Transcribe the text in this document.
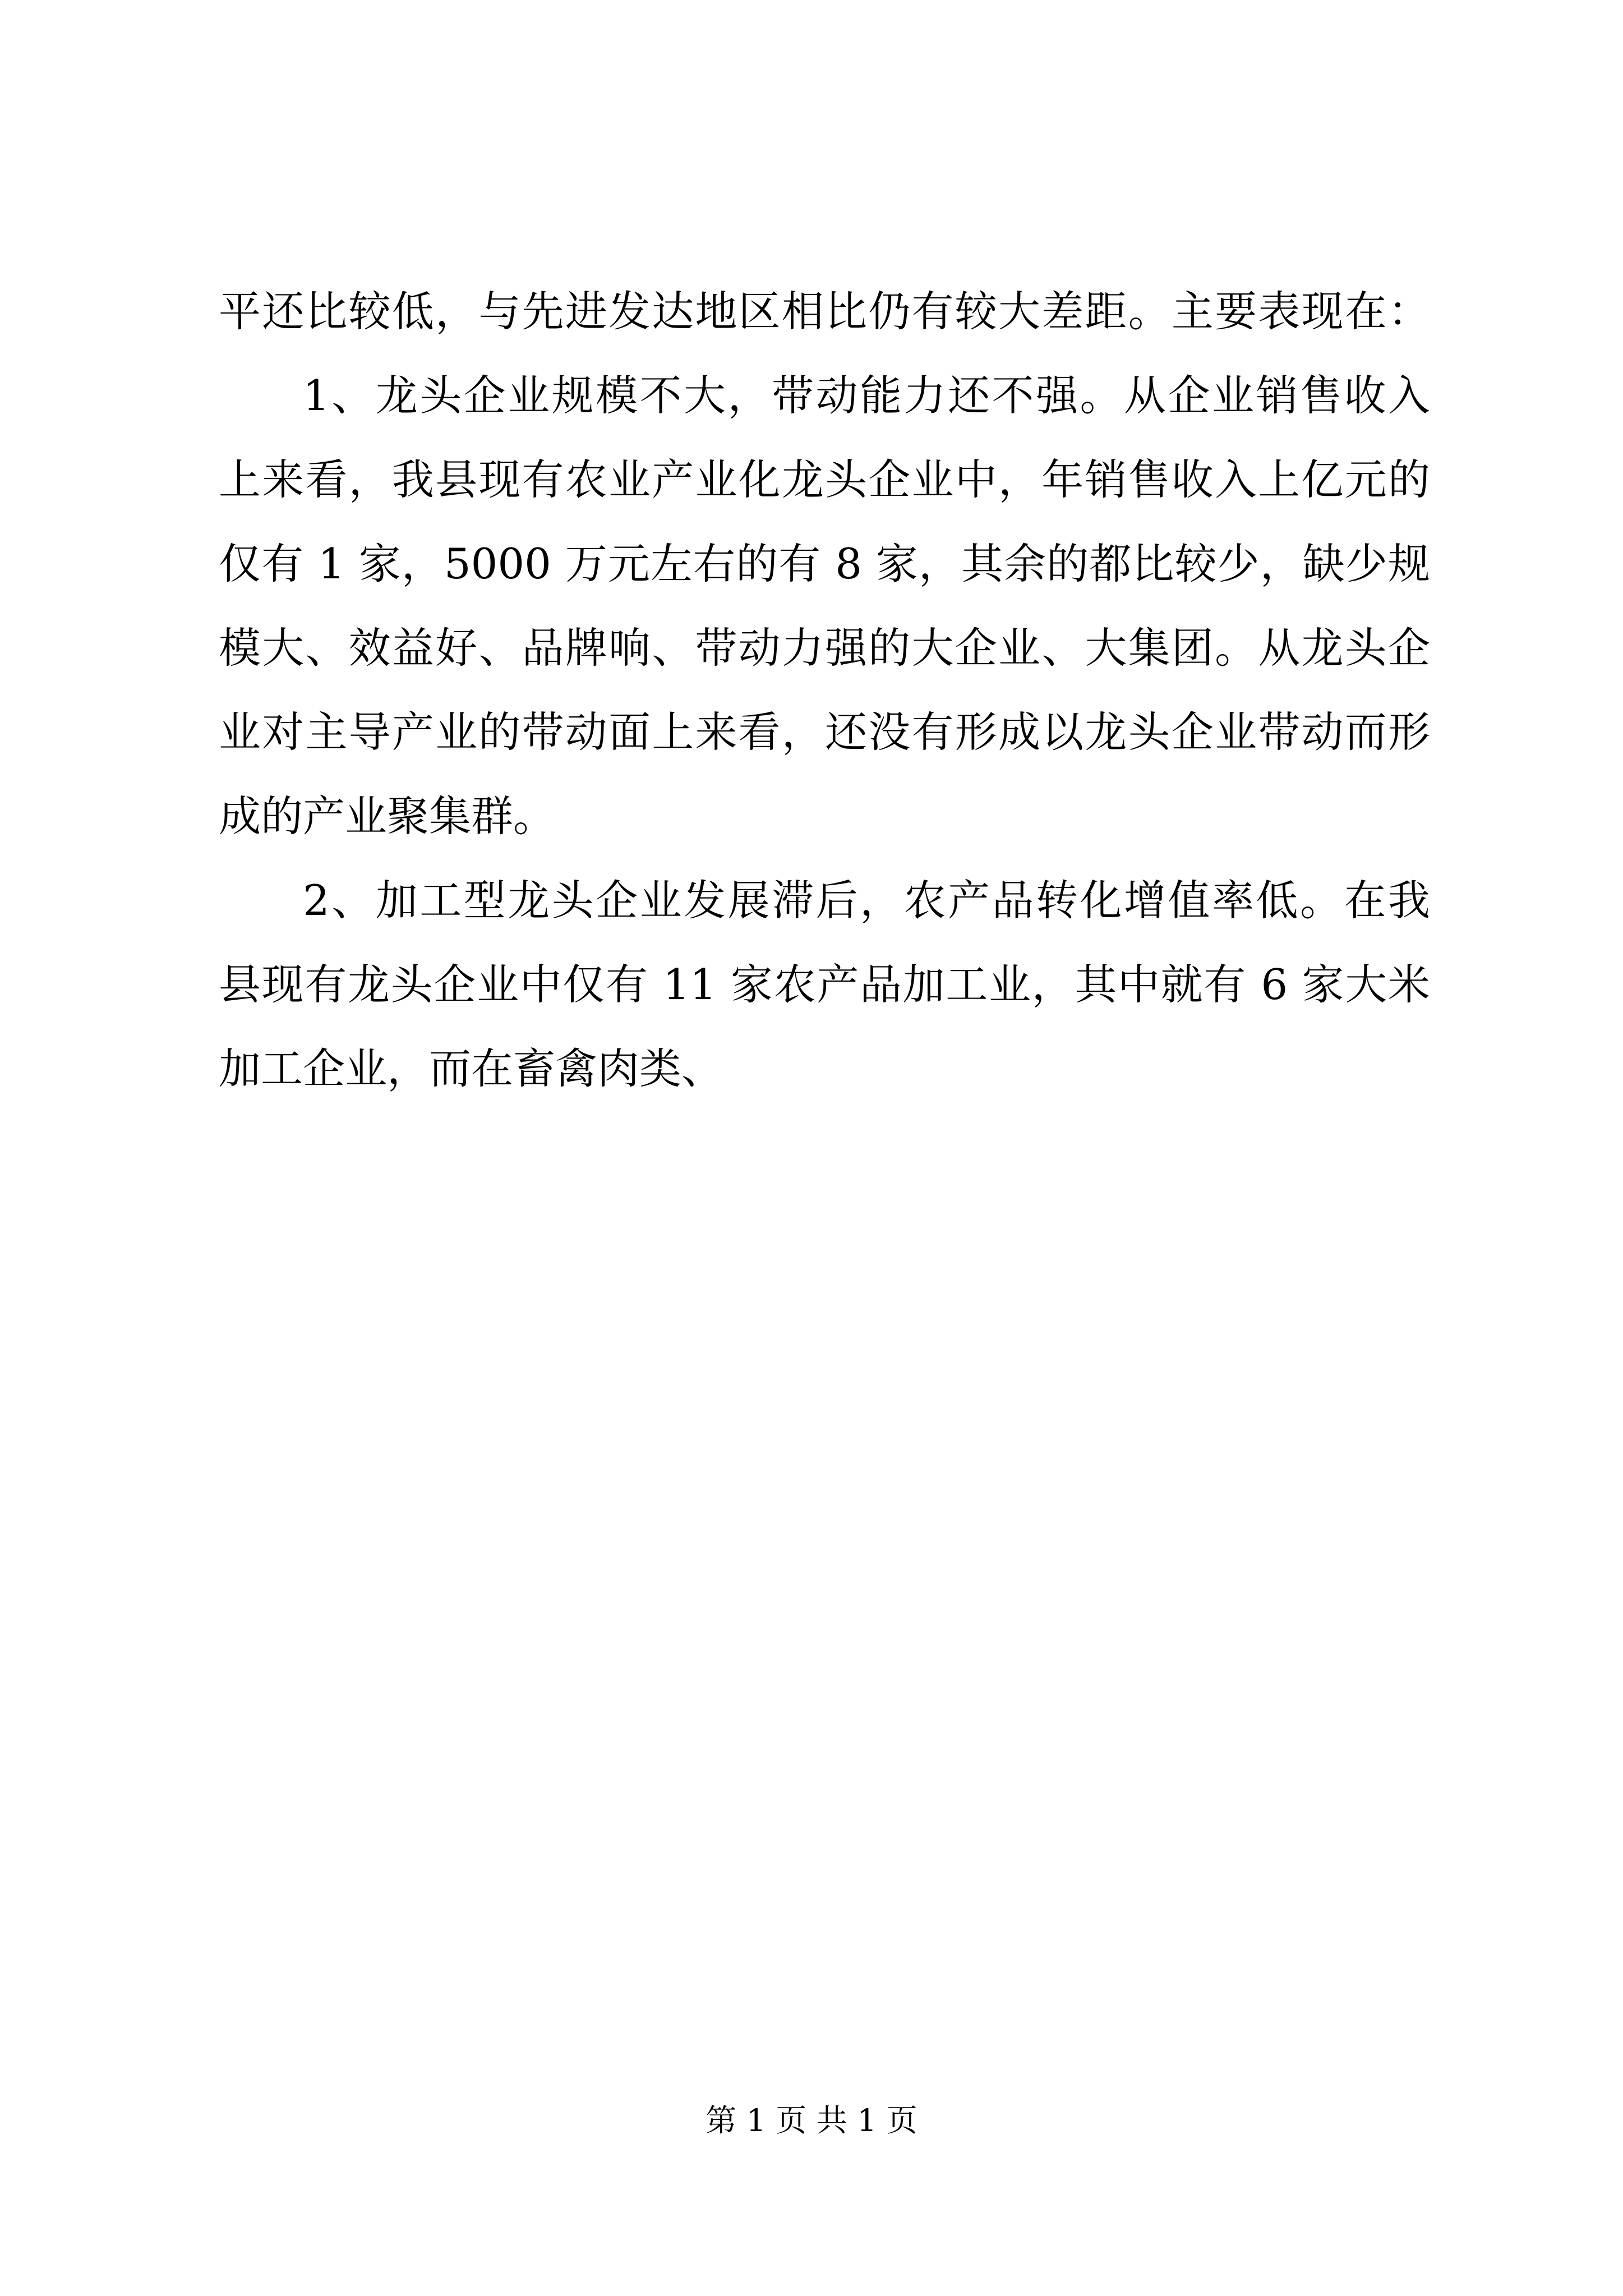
平还比较低，与先进发达地区相比仍有较大差距。主要表现在：
1、龙头企业规模不大，带动能力还不强。从企业销售收入
上来看，我县现有农业产业化龙头企业中，年销售收入上亿元的
仅有 1 家，5000 万元左右的有 8 家，其余的都比较少，缺少规
模大、效益好、品牌响、带动力强的大企业、大集团。从龙头企
业对主导产业的带动面上来看，还没有形成以龙头企业带动而形
成的产业聚集群。
2、加工型龙头企业发展滞后，农产品转化增值率低。在我
县现有龙头企业中仅有 11 家农产品加工业，其中就有 6 家大米
加工企业，而在畜禽肉类、
第 1 页 共 1 页
